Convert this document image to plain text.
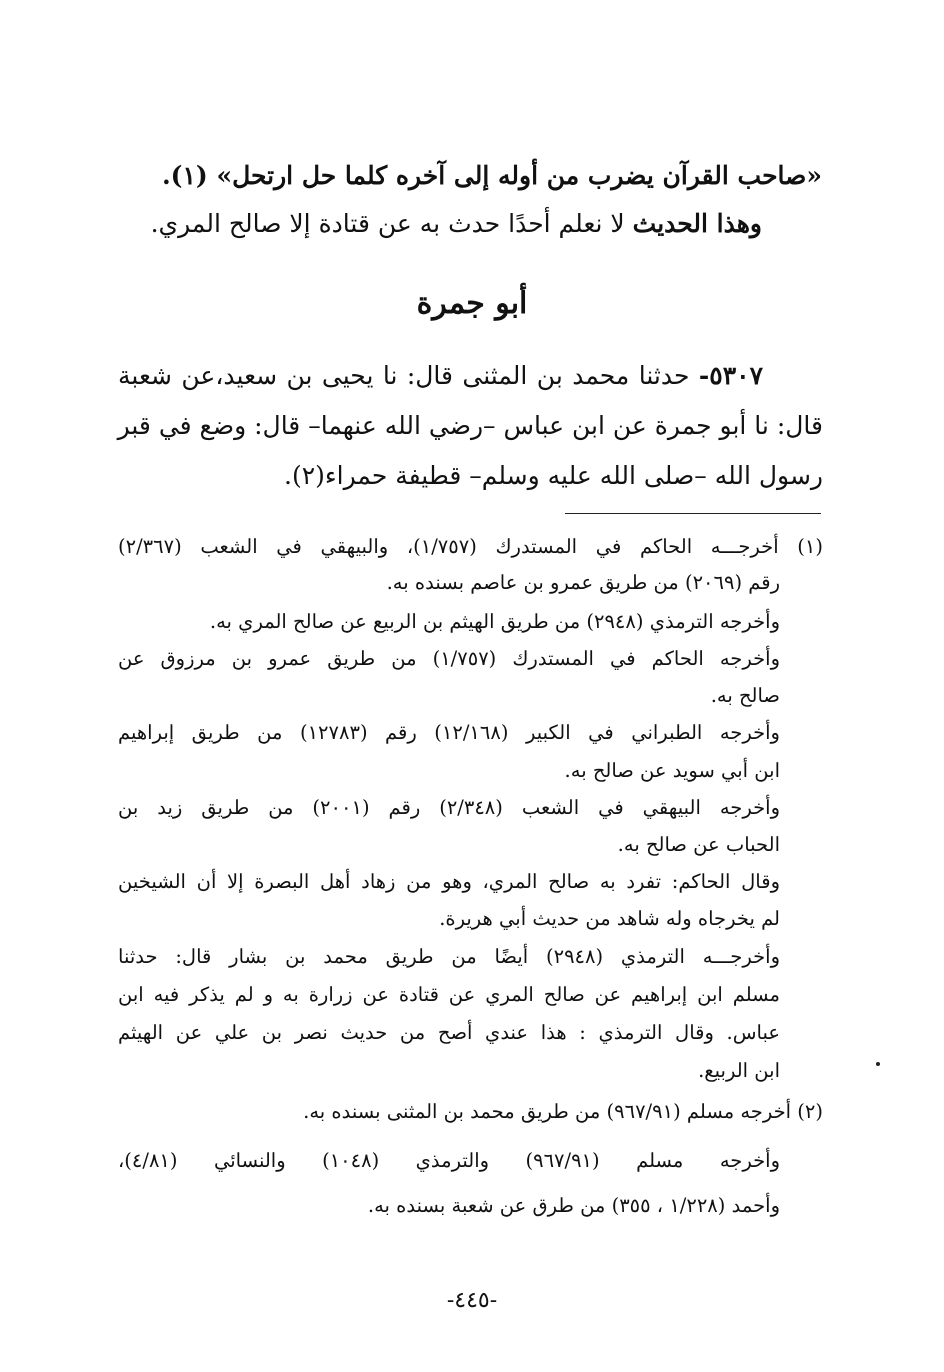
«صاحب القرآن يضرب من أوله إلى آخره كلما حل ارتحل» (١).
وهذا الحديث لا نعلم أحدًا حدث به عن قتادة إلا صالح المري.
أبو جمرة
٥٣٠٧- حدثنا محمد بن المثنى قال: نا يحيى بن سعيد،عن شعبة
قال: نا أبو جمرة عن ابن عباس –رضي الله عنهما– قال: وضع في قبر
رسول الله –صلى الله عليه وسلم– قطيفة حمراء(٢).
(١) أخرجـــه الحاكم في المستدرك (١/٧٥٧)، والبيهقي في الشعب (٢/٣٦٧)
رقم (٢٠٦٩) من طريق عمرو بن عاصم بسنده به.
وأخرجه الترمذي (٢٩٤٨) من طريق الهيثم بن الربيع عن صالح المري به.
وأخرجه الحاكم في المستدرك (١/٧٥٧) من طريق عمرو بن مرزوق عن
صالح به.
وأخرجه الطبراني في الكبير (١٢/١٦٨) رقم (١٢٧٨٣) من طريق إبراهيم
ابن أبي سويد عن صالح به.
وأخرجه البيهقي في الشعب (٢/٣٤٨) رقم (٢٠٠١) من طريق زيد بن
الحباب عن صالح به.
وقال الحاكم: تفرد به صالح المري، وهو من زهاد أهل البصرة إلا أن الشيخين
لم يخرجاه وله شاهد من حديث أبي هريرة.
وأخرجـــه الترمذي (٢٩٤٨) أيضًا من طريق محمد بن بشار قال: حدثنا
مسلم ابن إبراهيم عن صالح المري عن قتادة عن زرارة به و لم يذكر فيه ابن
عباس. وقال الترمذي : هذا عندي أصح من حديث نصر بن علي عن الهيثم
ابن الربيع.
(٢) أخرجه مسلم (٩٦٧/٩١) من طريق محمد بن المثنى بسنده به.
وأخرجه مسلم (٩٦٧/٩١) والترمذي (١٠٤٨) والنسائي (٤/٨١)،
وأحمد (١/٢٢٨ ، ٣٥٥) من طرق عن شعبة بسنده به.
-٤٤٥-
